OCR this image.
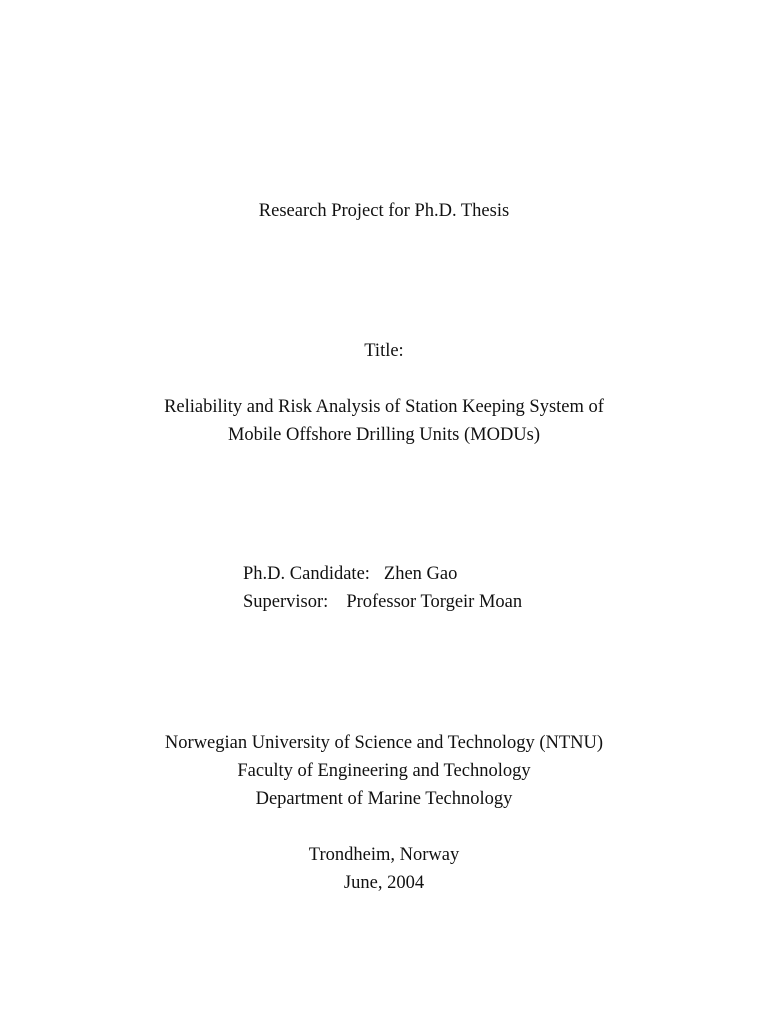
Research Project for Ph.D. Thesis
Title:
Reliability and Risk Analysis of Station Keeping System of
Mobile Offshore Drilling Units (MODUs)
Ph.D. Candidate: Zhen Gao
Supervisor: Professor Torgeir Moan
Norwegian University of Science and Technology (NTNU)
Faculty of Engineering and Technology
Department of Marine Technology
Trondheim, Norway
June, 2004
